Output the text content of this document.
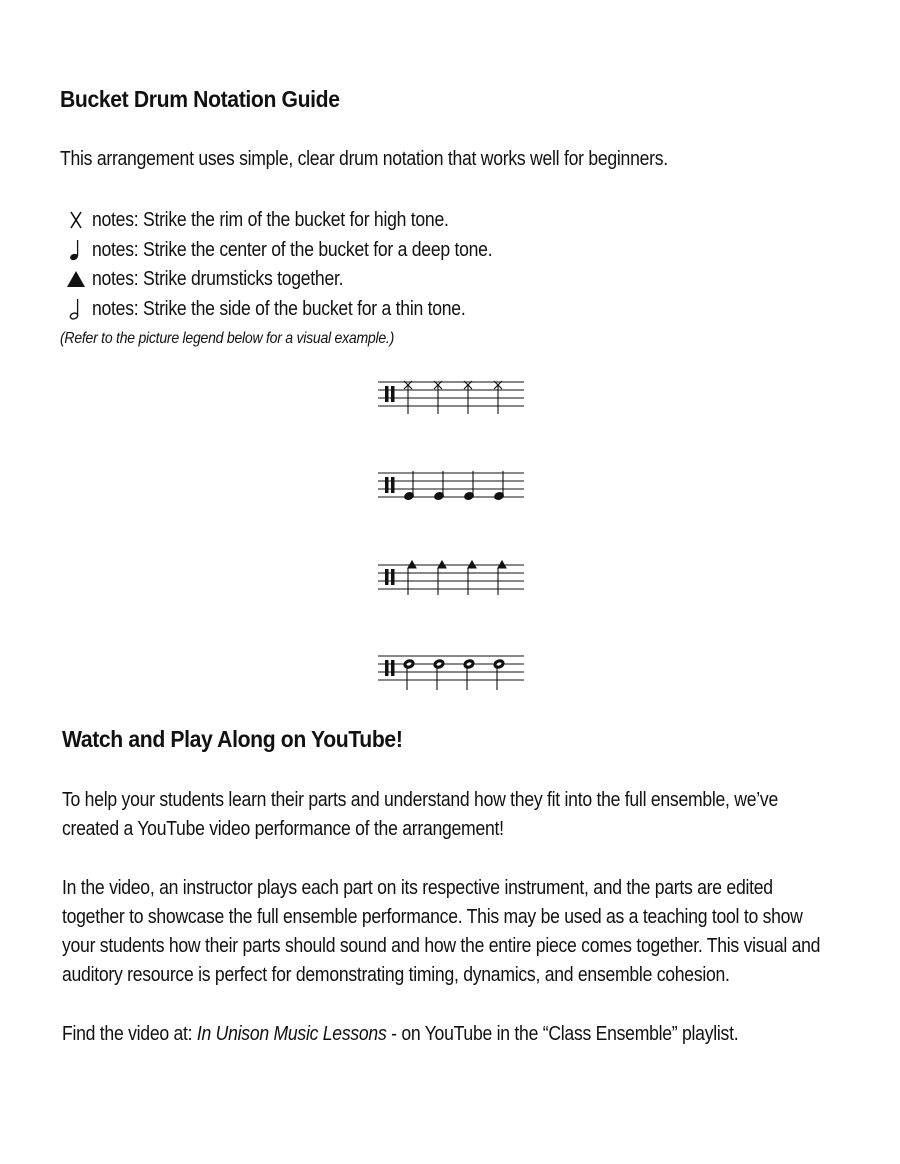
Bucket Drum Notation Guide

This arrangement uses simple, clear drum notation that works well for beginners.

notes: Strike the rim of the bucket for high tone.
notes: Strike the center of the bucket for a deep tone.
notes: Strike drumsticks together.
notes: Strike the side of the bucket for a thin tone.

(Refer to the picture legend below for a visual example.)

Watch and Play Along on YouTube!

To help your students learn their parts and understand how they fit into the full ensemble, we’ve created a YouTube video performance of the arrangement!

In the video, an instructor plays each part on its respective instrument, and the parts are edited together to showcase the full ensemble performance. This may be used as a teaching tool to show your students how their parts should sound and how the entire piece comes together. This visual and auditory resource is perfect for demonstrating timing, dynamics, and ensemble cohesion.

Find the video at: In Unison Music Lessons - on YouTube in the “Class Ensemble” playlist.
